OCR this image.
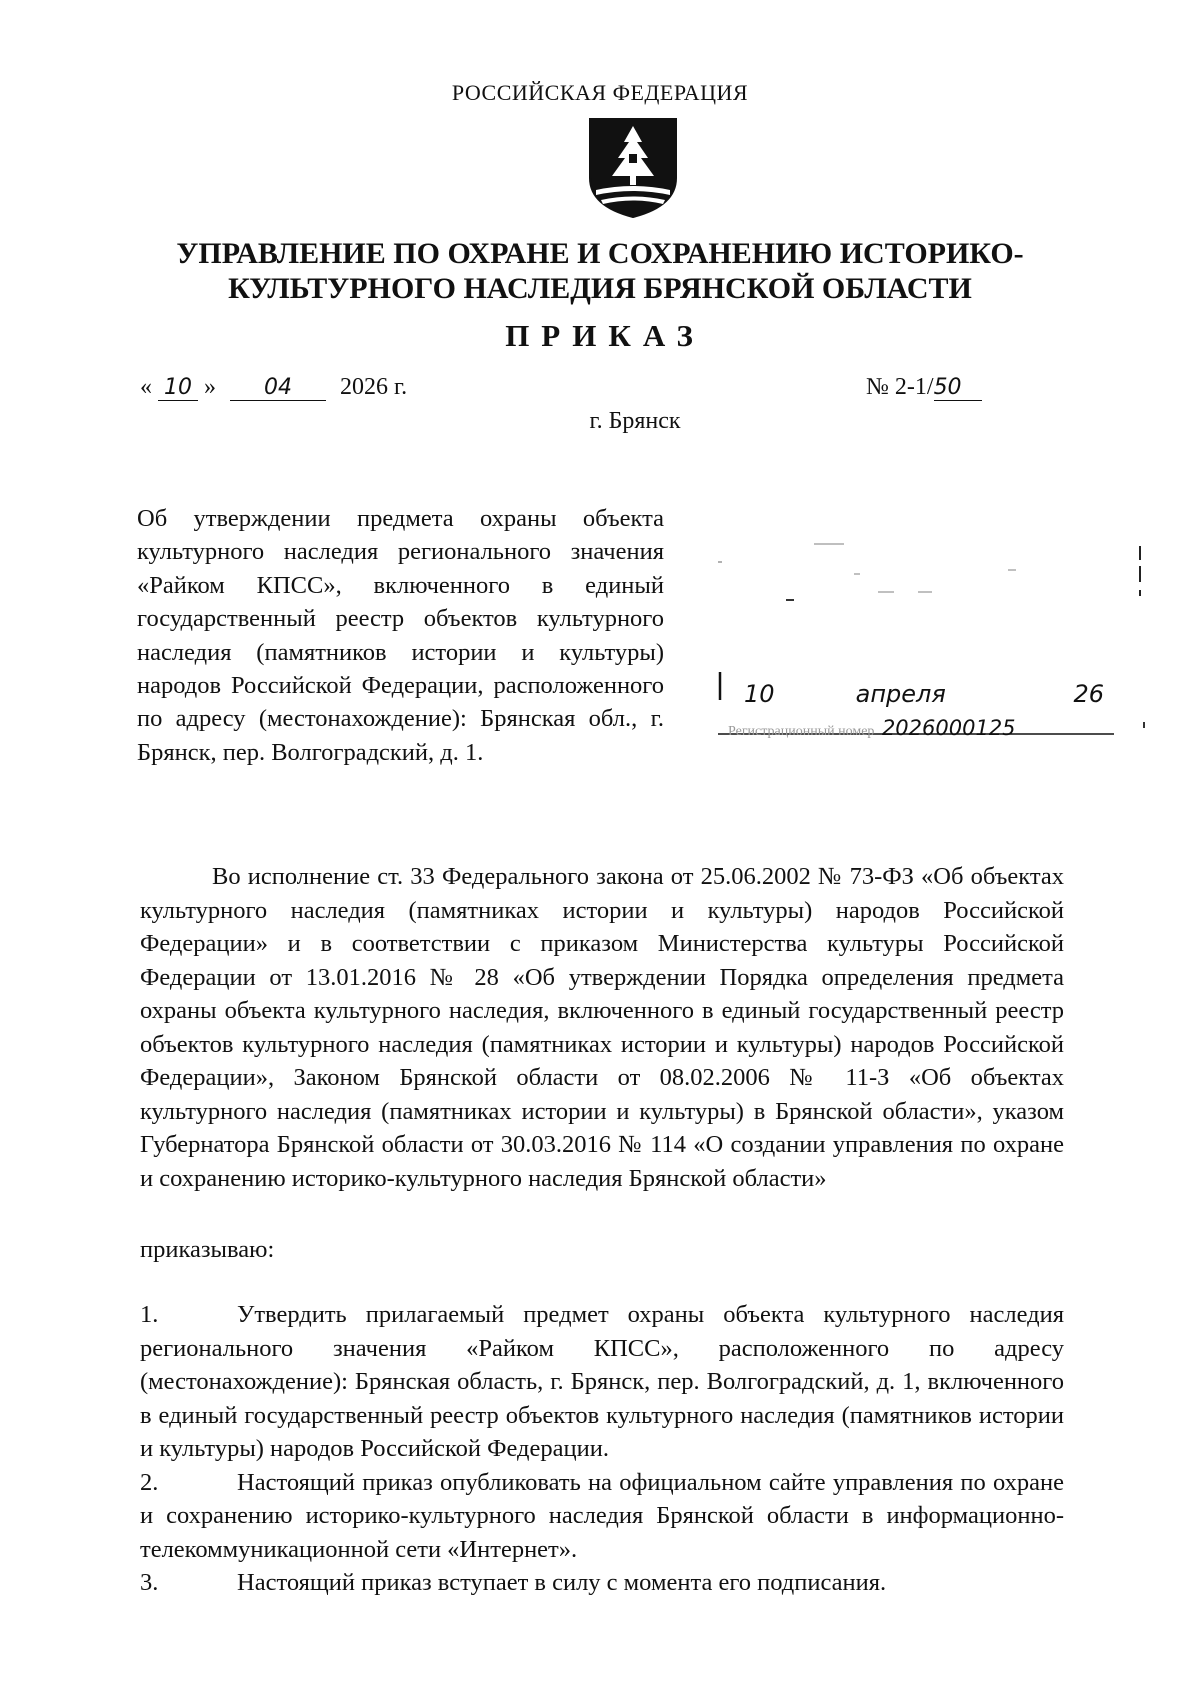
РОССИЙСКАЯ ФЕДЕРАЦИЯ
УПРАВЛЕНИЕ ПО ОХРАНЕ И СОХРАНЕНИЮ ИСТОРИКО-
КУЛЬТУРНОГО НАСЛЕДИЯ БРЯНСКОЙ ОБЛАСТИ
ПРИКАЗ
« 10 » 04 2026 г.	№ 2-1/50
г. Брянск
Об утверждении предмета охраны объекта культурного наследия регионального значения «Райком КПСС», включенного в единый государственный реестр объектов культурного наследия (памятников истории и культуры) народов Российской Федерации, расположенного по адресу (местонахождение): Брянская обл., г. Брянск, пер. Волгоградский, д. 1.
10	апреля	26
Регистрационный номер 2026000125

Во исполнение ст. 33 Федерального закона от 25.06.2002 № 73-ФЗ «Об объектах культурного наследия (памятниках истории и культуры) народов Российской Федерации» и в соответствии с приказом Министерства культуры Российской Федерации от 13.01.2016 № 28 «Об утверждении Порядка определения предмета охраны объекта культурного наследия, включенного в единый государственный реестр объектов культурного наследия (памятниках истории и культуры) народов Российской Федерации», Законом Брянской области от 08.02.2006 № 11-З «Об объектах культурного наследия (памятниках истории и культуры) в Брянской области», указом Губернатора Брянской области от 30.03.2016 № 114 «О создании управления по охране и сохранению историко-культурного наследия Брянской области»

приказываю:
1.	Утвердить прилагаемый предмет охраны объекта культурного наследия регионального значения «Райком КПСС», расположенного по адресу (местонахождение): Брянская область, г. Брянск, пер. Волгоградский, д. 1, включенного в единый государственный реестр объектов культурного наследия (памятников истории и культуры) народов Российской Федерации.
2.	Настоящий приказ опубликовать на официальном сайте управления по охране и сохранению историко-культурного наследия Брянской области в информационно-телекоммуникационной сети «Интернет».
3.	Настоящий приказ вступает в силу с момента его подписания.
